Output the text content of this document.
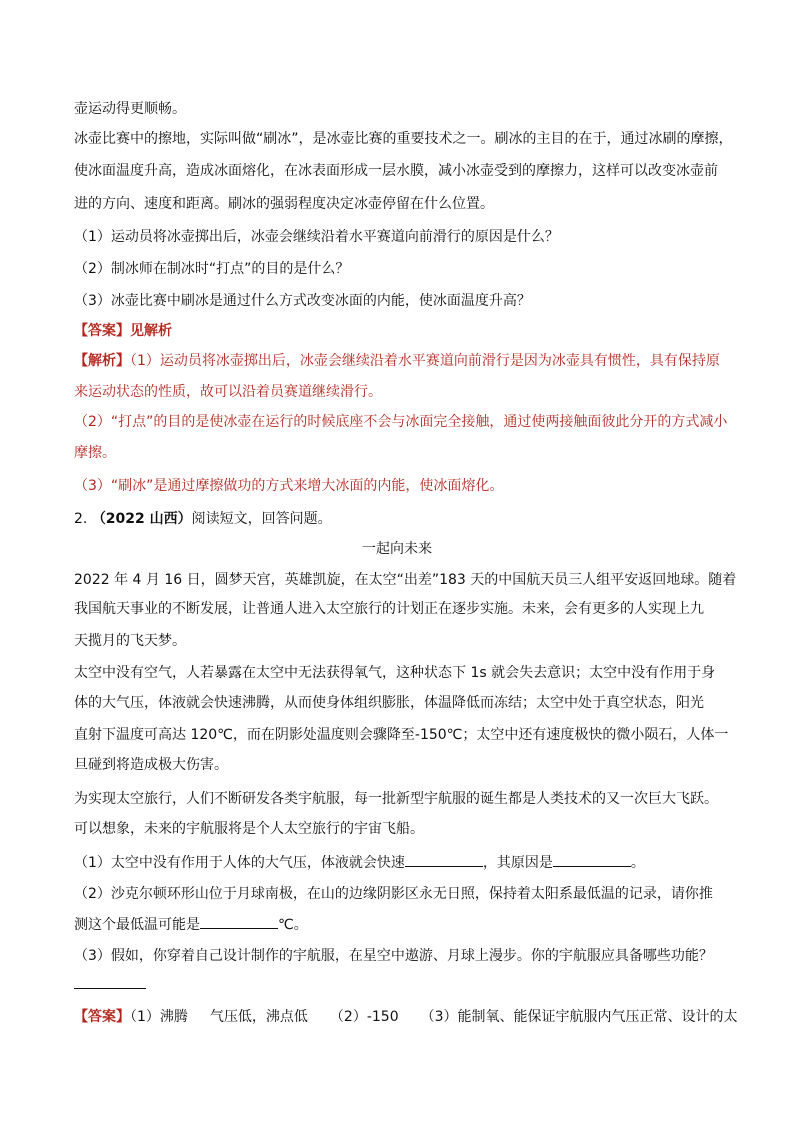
壶运动得更顺畅。
冰壶比赛中的擦地，实际叫做“刷冰”，是冰壶比赛的重要技术之一。刷冰的主目的在于，通过冰刷的摩擦，
使冰面温度升高，造成冰面熔化，在冰表面形成一层水膜，减小冰壶受到的摩擦力，这样可以改变冰壶前
进的方向、速度和距离。刷冰的强弱程度决定冰壶停留在什么位置。
（1）运动员将冰壶掷出后，冰壶会继续沿着水平赛道向前滑行的原因是什么？
（2）制冰师在制冰时“打点”的目的是什么？
（3）冰壶比赛中刷冰是通过什么方式改变冰面的内能，使冰面温度升高？
【答案】见解析
【解析】（1）运动员将冰壶掷出后，冰壶会继续沿着水平赛道向前滑行是因为冰壶具有惯性，具有保持原
来运动状态的性质，故可以沿着员赛道继续滑行。
（2）“打点”的目的是使冰壶在运行的时候底座不会与冰面完全接触，通过使两接触面彼此分开的方式减小
摩擦。
（3）“刷冰”是通过摩擦做功的方式来增大冰面的内能，使冰面熔化。
2. （2022 山西）阅读短文，回答问题。
一起向未来
2022 年 4 月 16 日，圆梦天宫，英雄凯旋，在太空“出差”183 天的中国航天员三人组平安返回地球。随着
我国航天事业的不断发展，让普通人进入太空旅行的计划正在逐步实施。未来，会有更多的人实现上九
天揽月的飞天梦。
太空中没有空气，人若暴露在太空中无法获得氧气，这种状态下 1s 就会失去意识；太空中没有作用于身
体的大气压，体液就会快速沸腾，从而使身体组织膨胀，体温降低而冻结；太空中处于真空状态，阳光
直射下温度可高达 120℃，而在阴影处温度则会骤降至-150℃；太空中还有速度极快的微小陨石，人体一
旦碰到将造成极大伤害。
为实现太空旅行，人们不断研发各类宇航服，每一批新型宇航服的诞生都是人类技术的又一次巨大飞跃。
可以想象，未来的宇航服将是个人太空旅行的宇宙飞船。
（1）太空中没有作用于人体的大气压，体液就会快速	，其原因是	。
（2）沙克尔顿环形山位于月球南极，在山的边缘阴影区永无日照，保持着太阳系最低温的记录，请你推
测这个最低温可能是	℃。
（3）假如，你穿着自己设计制作的宇航服，在星空中遨游、月球上漫步。你的宇航服应具备哪些功能？
【答案】（1）沸腾 气压低，沸点低 （2）-150 （3）能制氧、能保证宇航服内气压正常、设计的太
